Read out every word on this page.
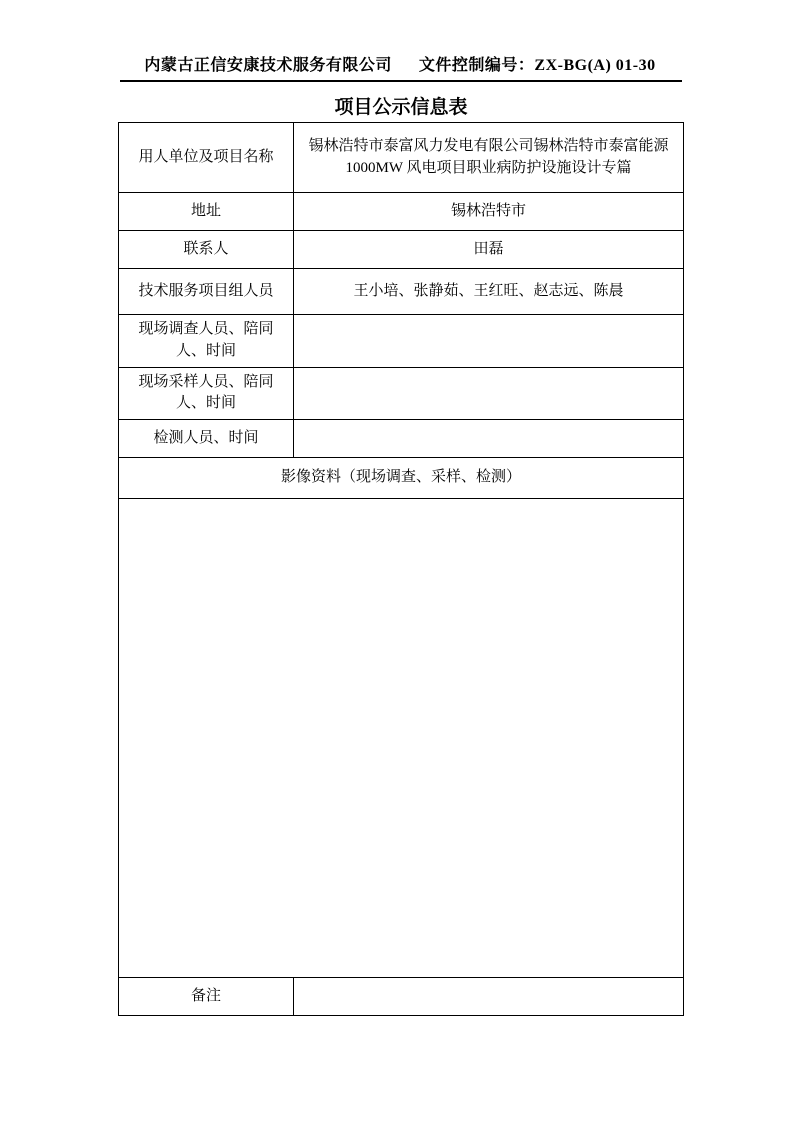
内蒙古正信安康技术服务有限公司 文件控制编号：ZX-BG(A) 01-30
项目公示信息表
用人单位及项目名称	锡林浩特市泰富风力发电有限公司锡林浩特市泰富能源 1000MW 风电项目职业病防护设施设计专篇
地址	锡林浩特市
联系人	田磊
技术服务项目组人员	王小培、张静茹、王红旺、赵志远、陈晨
现场调查人员、陪同人、时间	
现场采样人员、陪同人、时间	
检测人员、时间	
影像资料（现场调查、采样、检测）	

备注	
